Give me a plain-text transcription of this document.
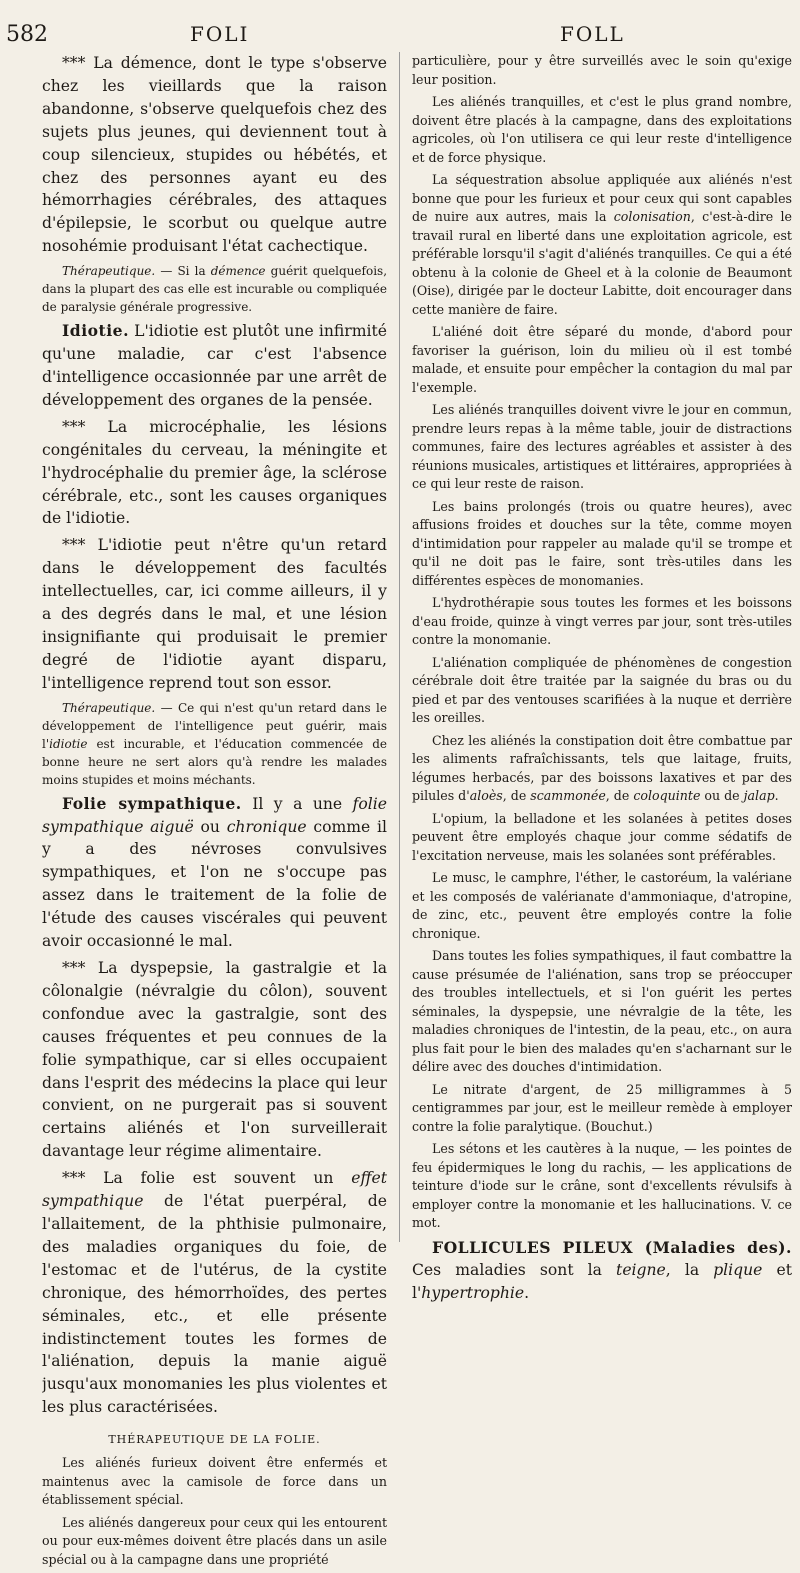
582	FOLI	FOLL

*** La démence, dont le type s'observe chez les vieillards que la raison abandonne, s'observe quelquefois chez des sujets plus jeunes, qui deviennent tout à coup silencieux, stupides ou hébétés, et chez des personnes ayant eu des hémorrhagies cérébrales, des attaques d'épilepsie, le scorbut ou quelque autre nosohémie produisant l'état cachectique.

Thérapeutique. — Si la démence guérit quelquefois, dans la plupart des cas elle est incurable ou compliquée de paralysie générale progressive.

Idiotie. L'idiotie est plutôt une infirmité qu'une maladie, car c'est l'absence d'intelligence occasionnée par une arrêt de développement des organes de la pensée.

*** La microcéphalie, les lésions congénitales du cerveau, la méningite et l'hydrocéphalie du premier âge, la sclérose cérébrale, etc., sont les causes organiques de l'idiotie.

*** L'idiotie peut n'être qu'un retard dans le développement des facultés intellectuelles, car, ici comme ailleurs, il y a des degrés dans le mal, et une lésion insignifiante qui produisait le premier degré de l'idiotie ayant disparu, l'intelligence reprend tout son essor.

Thérapeutique. — Ce qui n'est qu'un retard dans le développement de l'intelligence peut guérir, mais l'idiotie est incurable, et l'éducation commencée de bonne heure ne sert alors qu'à rendre les malades moins stupides et moins méchants.

Folie sympathique. Il y a une folie sympathique aiguë ou chronique comme il y a des névroses convulsives sympathiques, et l'on ne s'occupe pas assez dans le traitement de la folie de l'étude des causes viscérales qui peuvent avoir occasionné le mal.

*** La dyspepsie, la gastralgie et la côlonalgie (névralgie du côlon), souvent confondue avec la gastralgie, sont des causes fréquentes et peu connues de la folie sympathique, car si elles occupaient dans l'esprit des médecins la place qui leur convient, on ne purgerait pas si souvent certains aliénés et l'on surveillerait davantage leur régime alimentaire.

*** La folie est souvent un effet sympathique de l'état puerpéral, de l'allaitement, de la phthisie pulmonaire, des maladies organiques du foie, de l'estomac et de l'utérus, de la cystite chronique, des hémorrhoïdes, des pertes séminales, etc., et elle présente indistinctement toutes les formes de l'aliénation, depuis la manie aiguë jusqu'aux monomanies les plus violentes et les plus caractérisées.

THÉRAPEUTIQUE DE LA FOLIE.

Les aliénés furieux doivent être enfermés et maintenus avec la camisole de force dans un établissement spécial.

Les aliénés dangereux pour ceux qui les entourent ou pour eux-mêmes doivent être placés dans un asile spécial ou à la campagne dans une propriété

particulière, pour y être surveillés avec le soin qu'exige leur position.

Les aliénés tranquilles, et c'est le plus grand nombre, doivent être placés à la campagne, dans des exploitations agricoles, où l'on utilisera ce qui leur reste d'intelligence et de force physique.

La séquestration absolue appliquée aux aliénés n'est bonne que pour les furieux et pour ceux qui sont capables de nuire aux autres, mais la colonisation, c'est-à-dire le travail rural en liberté dans une exploitation agricole, est préférable lorsqu'il s'agit d'aliénés tranquilles. Ce qui a été obtenu à la colonie de Gheel et à la colonie de Beaumont (Oise), dirigée par le docteur Labitte, doit encourager dans cette manière de faire.

L'aliéné doit être séparé du monde, d'abord pour favoriser la guérison, loin du milieu où il est tombé malade, et ensuite pour empêcher la contagion du mal par l'exemple.

Les aliénés tranquilles doivent vivre le jour en commun, prendre leurs repas à la même table, jouir de distractions communes, faire des lectures agréables et assister à des réunions musicales, artistiques et littéraires, appropriées à ce qui leur reste de raison.

Les bains prolongés (trois ou quatre heures), avec affusions froides et douches sur la tête, comme moyen d'intimidation pour rappeler au malade qu'il se trompe et qu'il ne doit pas le faire, sont très-utiles dans les différentes espèces de monomanies.

L'hydrothérapie sous toutes les formes et les boissons d'eau froide, quinze à vingt verres par jour, sont très-utiles contre la monomanie.

L'aliénation compliquée de phénomènes de congestion cérébrale doit être traitée par la saignée du bras ou du pied et par des ventouses scarifiées à la nuque et derrière les oreilles.

Chez les aliénés la constipation doit être combattue par les aliments rafraîchissants, tels que laitage, fruits, légumes herbacés, par des boissons laxatives et par des pilules d'aloès, de scammonée, de coloquinte ou de jalap.

L'opium, la belladone et les solanées à petites doses peuvent être employés chaque jour comme sédatifs de l'excitation nerveuse, mais les solanées sont préférables.

Le musc, le camphre, l'éther, le castoréum, la valériane et les composés de valérianate d'ammoniaque, d'atropine, de zinc, etc., peuvent être employés contre la folie chronique.

Dans toutes les folies sympathiques, il faut combattre la cause présumée de l'aliénation, sans trop se préoccuper des troubles intellectuels, et si l'on guérit les pertes séminales, la dyspepsie, une névralgie de la tête, les maladies chroniques de l'intestin, de la peau, etc., on aura plus fait pour le bien des malades qu'en s'acharnant sur le délire avec des douches d'intimidation.

Le nitrate d'argent, de 25 milligrammes à 5 centigrammes par jour, est le meilleur remède à employer contre la folie paralytique. (Bouchut.)

Les sétons et les cautères à la nuque, — les pointes de feu épidermiques le long du rachis, — les applications de teinture d'iode sur le crâne, sont d'excellents révulsifs à employer contre la monomanie et les hallucinations. V. ce mot.

FOLLICULES PILEUX (Maladies des). Ces maladies sont la teigne, la plique et l'hypertrophie.
